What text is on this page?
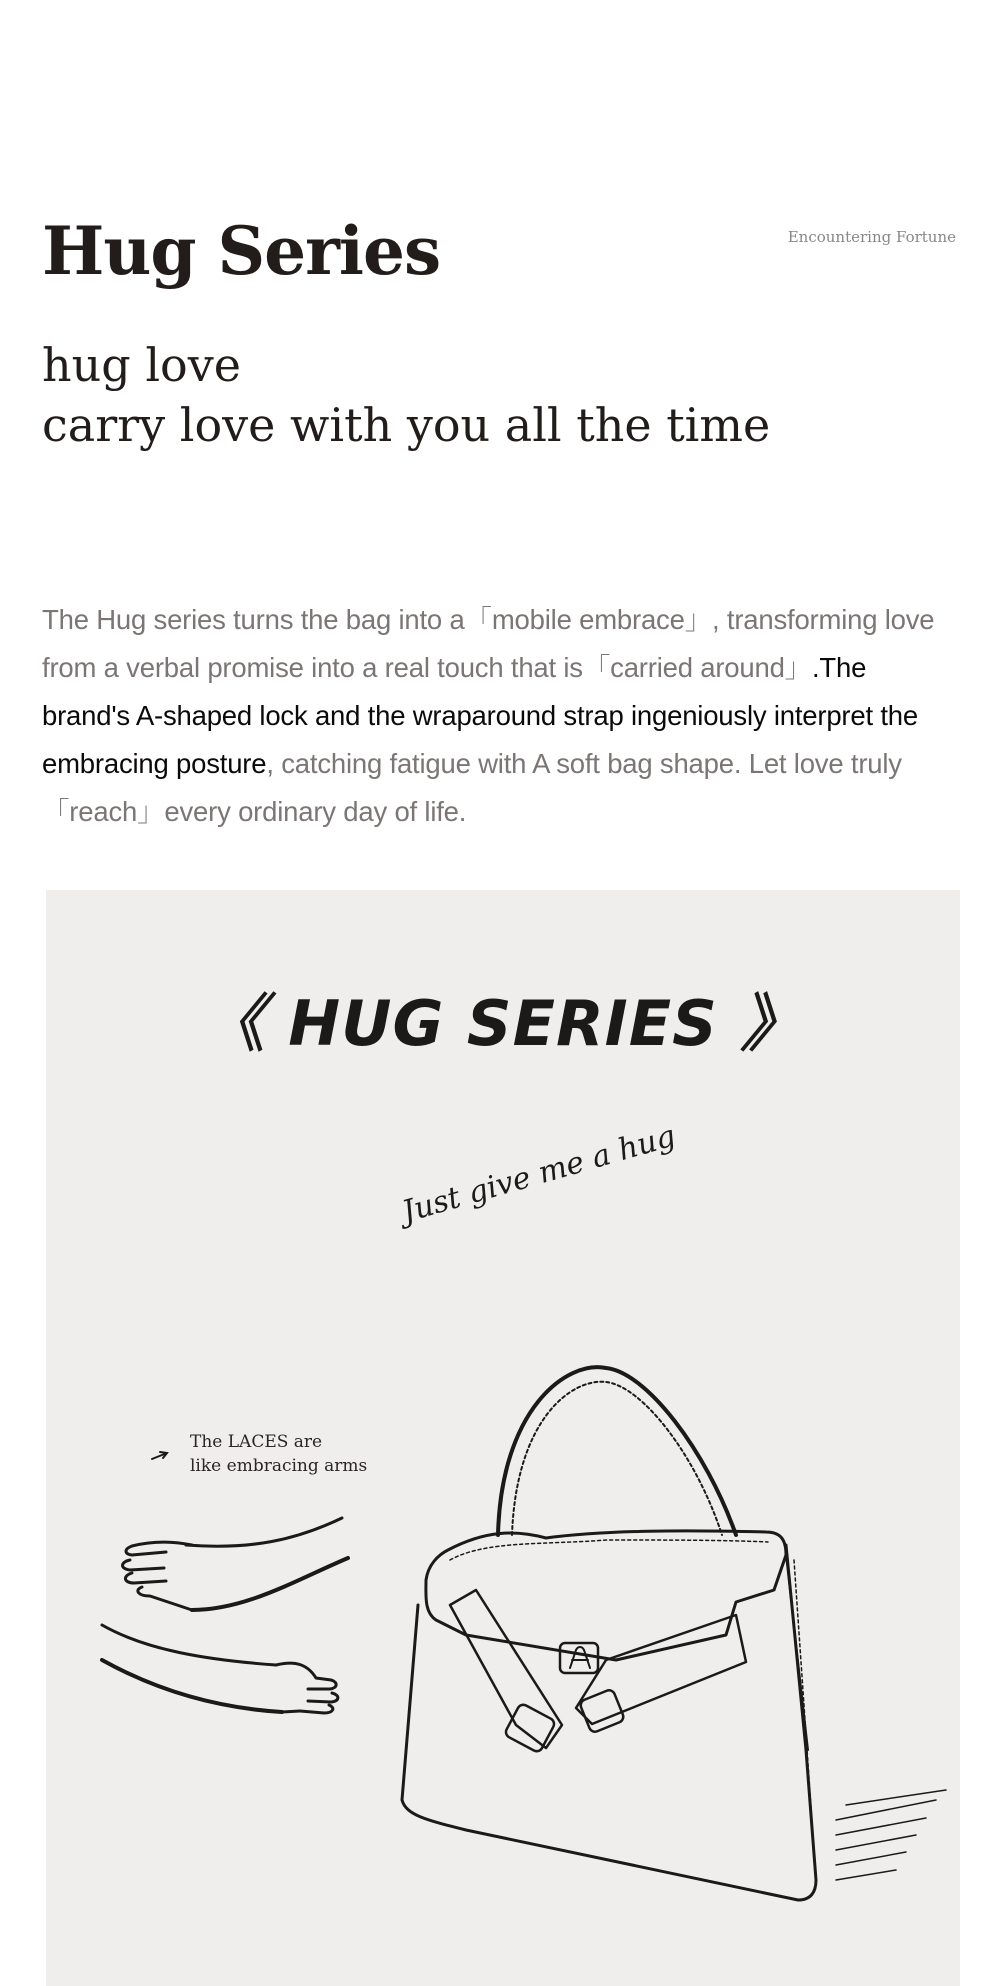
Hug Series	Encountering Fortune
hug love
carry love with you all the time

The Hug series turns the bag into a「mobile embrace」, transforming love from a verbal promise into a real touch that is「carried around」.The brand's A-shaped lock and the wraparound strap ingeniously interpret the embracing posture, catching fatigue with A soft bag shape. Let love truly「reach」every ordinary day of life.

《 HUG SERIES 》
Just give me a hug
The LACES are
like embracing arms
